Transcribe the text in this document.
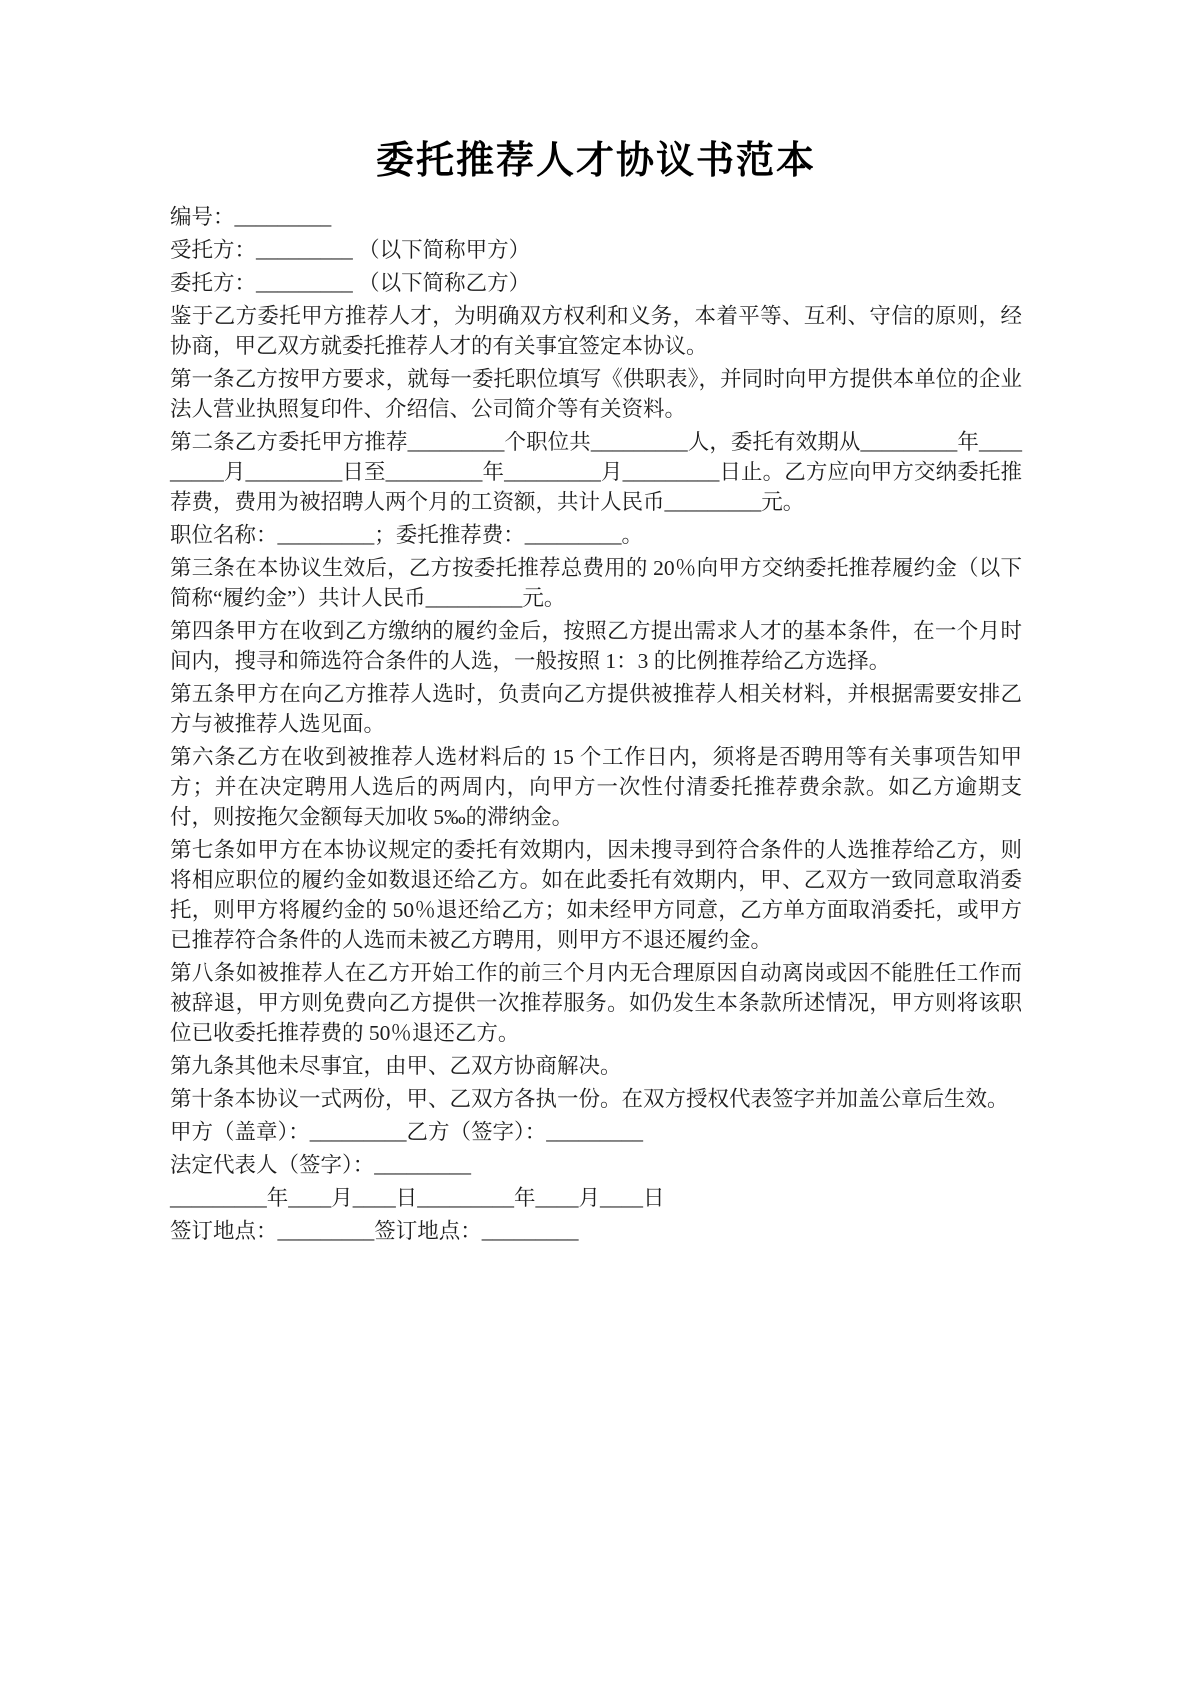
委托推荐人才协议书范本

编号：_________

受托方：_________ （以下简称甲方）

委托方：_________ （以下简称乙方）

鉴于乙方委托甲方推荐人才，为明确双方权利和义务，本着平等、互利、守信的原则，经协商，甲乙双方就委托推荐人才的有关事宜签定本协议。

第一条乙方按甲方要求，就每一委托职位填写《供职表》，并同时向甲方提供本单位的企业法人营业执照复印件、介绍信、公司简介等有关资料。

第二条乙方委托甲方推荐_________个职位共_________人，委托有效期从_________年_________月_________日至_________年_________月_________日止。乙方应向甲方交纳委托推荐费，费用为被招聘人两个月的工资额，共计人民币_________元。

职位名称：_________；委托推荐费：_________。

第三条在本协议生效后，乙方按委托推荐总费用的 20％向甲方交纳委托推荐履约金（以下简称“履约金”）共计人民币_________元。

第四条甲方在收到乙方缴纳的履约金后，按照乙方提出需求人才的基本条件，在一个月时间内，搜寻和筛选符合条件的人选，一般按照 1：3 的比例推荐给乙方选择。

第五条甲方在向乙方推荐人选时，负责向乙方提供被推荐人相关材料，并根据需要安排乙方与被推荐人选见面。

第六条乙方在收到被推荐人选材料后的 15 个工作日内，须将是否聘用等有关事项告知甲方；并在决定聘用人选后的两周内，向甲方一次性付清委托推荐费余款。如乙方逾期支付，则按拖欠金额每天加收 5‰的滞纳金。

第七条如甲方在本协议规定的委托有效期内，因未搜寻到符合条件的人选推荐给乙方，则将相应职位的履约金如数退还给乙方。如在此委托有效期内，甲、乙双方一致同意取消委托，则甲方将履约金的 50％退还给乙方；如未经甲方同意，乙方单方面取消委托，或甲方已推荐符合条件的人选而未被乙方聘用，则甲方不退还履约金。

第八条如被推荐人在乙方开始工作的前三个月内无合理原因自动离岗或因不能胜任工作而被辞退，甲方则免费向乙方提供一次推荐服务。如仍发生本条款所述情况，甲方则将该职位已收委托推荐费的 50％退还乙方。

第九条其他未尽事宜，由甲、乙双方协商解决。

第十条本协议一式两份，甲、乙双方各执一份。在双方授权代表签字并加盖公章后生效。

甲方（盖章）：_________乙方（签字）：_________

法定代表人（签字）：_________

_________年____月____日_________年____月____日

签订地点：_________签订地点：_________
